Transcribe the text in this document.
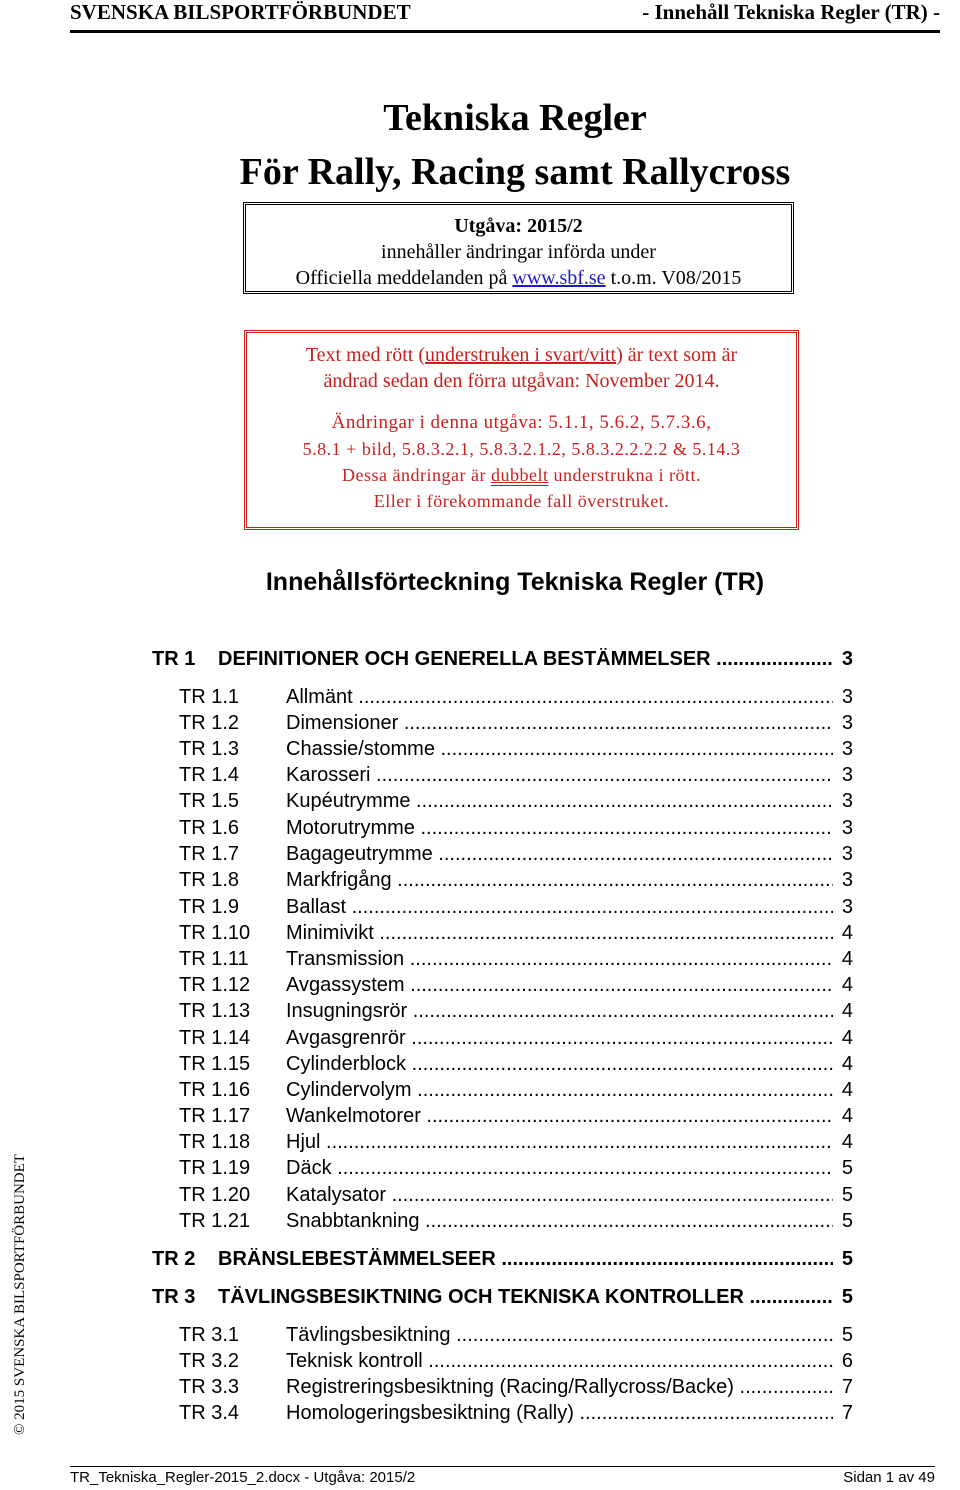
SVENSKA BILSPORTFÖRBUNDET	- Innehåll Tekniska Regler (TR) -
Tekniska Regler
För Rally, Racing samt Rallycross
Utgåva: 2015/2
innehåller ändringar införda under
Officiella meddelanden på www.sbf.se t.o.m. V08/2015
Text med rött (understruken i svart/vitt) är text som är
ändrad sedan den förra utgåvan: November 2014.
Ändringar i denna utgåva: 5.1.1, 5.6.2, 5.7.3.6,
5.8.1 + bild, 5.8.3.2.1, 5.8.3.2.1.2, 5.8.3.2.2.2.2 & 5.14.3
Dessa ändringar är dubbelt understrukna i rött.
Eller i förekommande fall överstruket.
Innehållsförteckning Tekniska Regler (TR)
TR 1 DEFINITIONER OCH GENERELLA BESTÄMMELSER .....	3
TR 1.1 Allmänt .....	3
TR 1.2 Dimensioner .....	3
TR 1.3 Chassie/stomme .....	3
TR 1.4 Karosseri .....	3
TR 1.5 Kupéutrymme .....	3
TR 1.6 Motorutrymme .....	3
TR 1.7 Bagageutrymme .....	3
TR 1.8 Markfrigång .....	3
TR 1.9 Ballast .....	3
TR 1.10 Minimivikt .....	4
TR 1.11 Transmission .....	4
TR 1.12 Avgassystem .....	4
TR 1.13 Insugningsrör .....	4
TR 1.14 Avgasgrenrör .....	4
TR 1.15 Cylinderblock .....	4
TR 1.16 Cylindervolym .....	4
TR 1.17 Wankelmotorer .....	4
TR 1.18 Hjul .....	4
TR 1.19 Däck .....	5
TR 1.20 Katalysator .....	5
TR 1.21 Snabbtankning .....	5
TR 2 BRÄNSLEBESTÄMMELSEER .....	5
TR 3 TÄVLINGSBESIKTNING OCH TEKNISKA KONTROLLER .....	5
TR 3.1 Tävlingsbesiktning .....	5
TR 3.2 Teknisk kontroll .....	6
TR 3.3 Registreringsbesiktning (Racing/Rallycross/Backe) .....	7
TR 3.4 Homologeringsbesiktning (Rally) .....	7
© 2015 SVENSKA BILSPORTFÖRBUNDET
TR_Tekniska_Regler-2015_2.docx - Utgåva: 2015/2	Sidan 1 av 49
